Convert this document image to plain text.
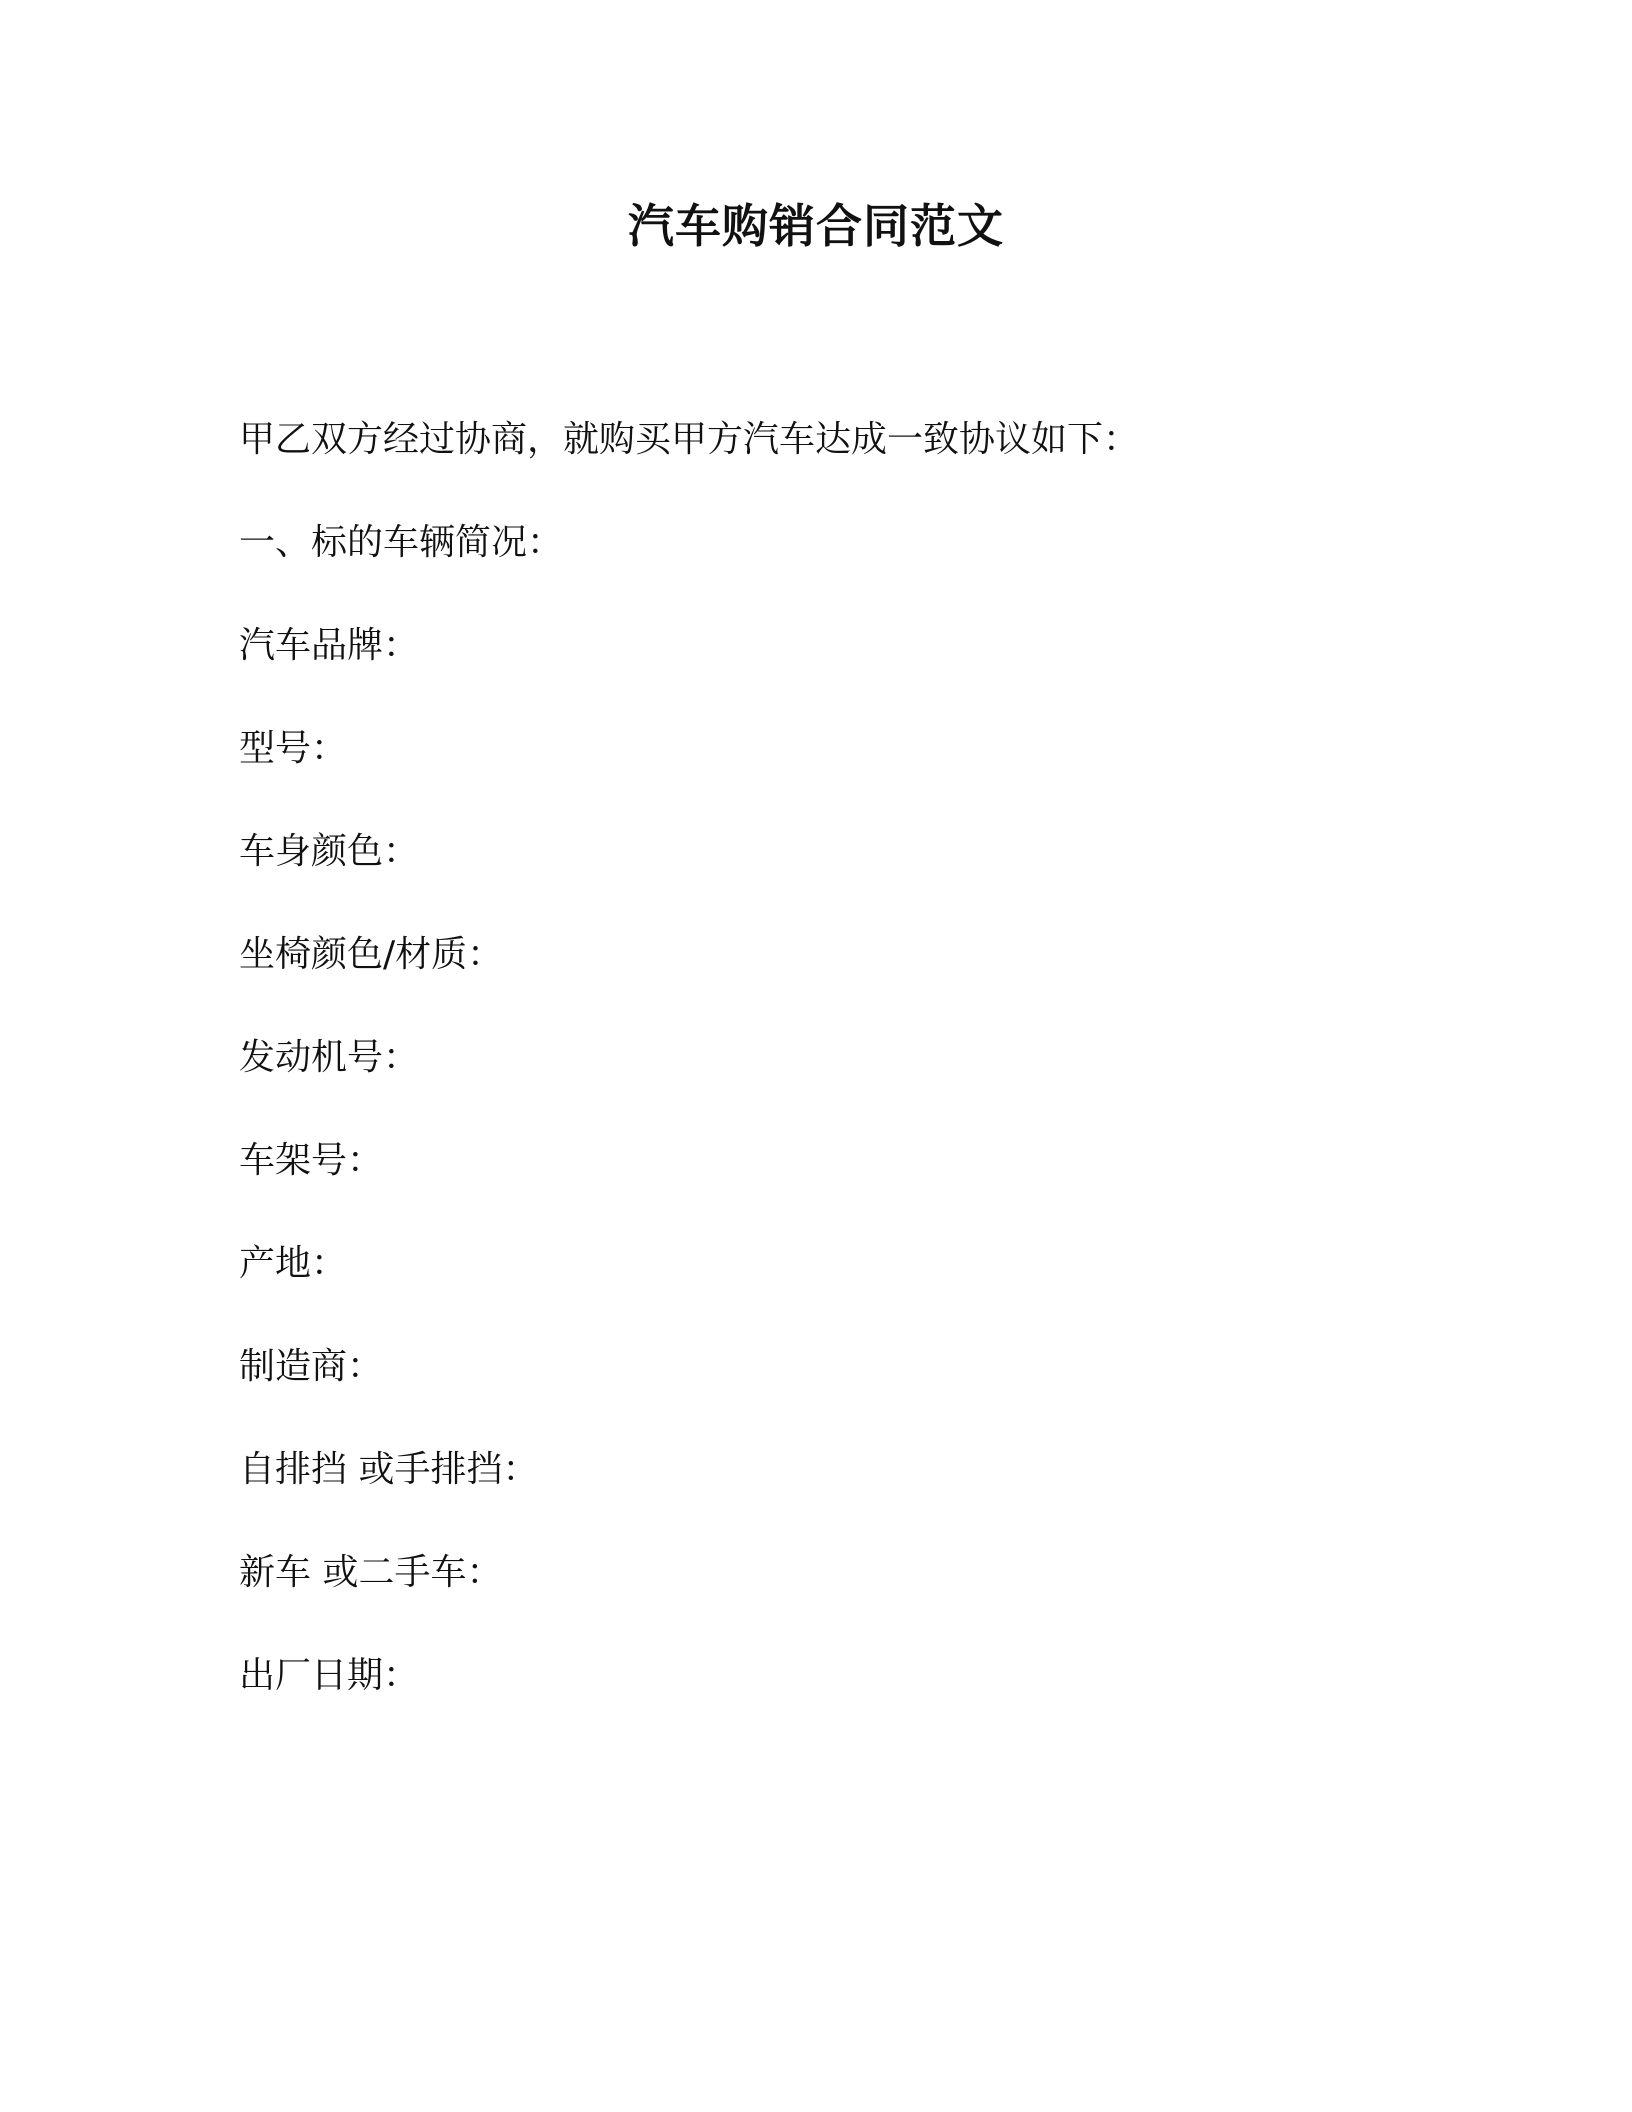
汽车购销合同范文
甲乙双方经过协商，就购买甲方汽车达成一致协议如下：
一、标的车辆简况：
汽车品牌：
型号：
车身颜色：
坐椅颜色/材质：
发动机号：
车架号：
产地：
制造商：
自排挡 或手排挡：
新车 或二手车：
出厂日期：
